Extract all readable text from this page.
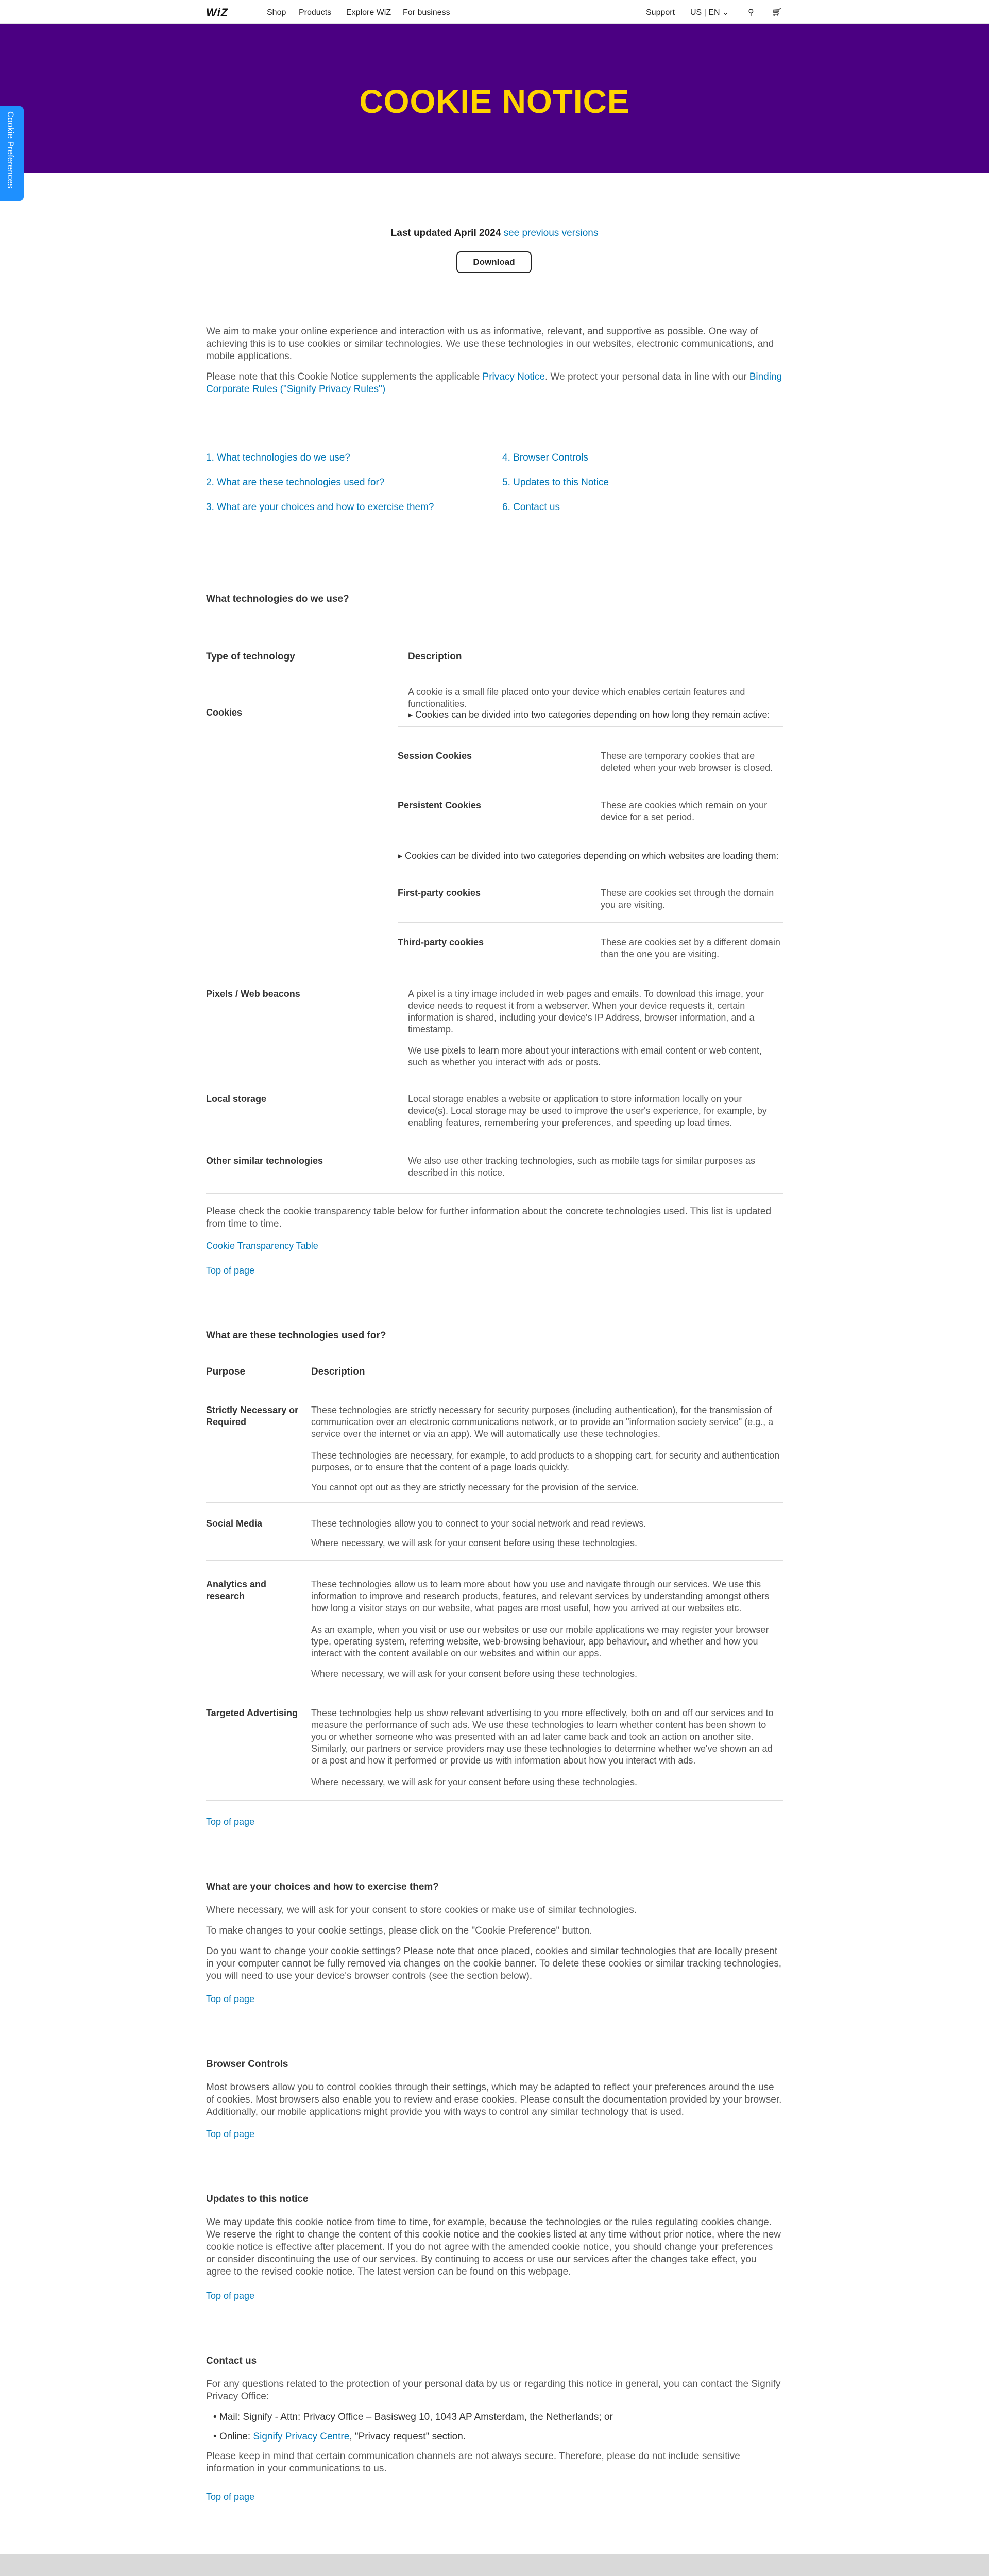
WiZ	Shop Products Explore WiZ For business	Support US | EN ⌄ ⚲ 🛒︎
COOKIE NOTICE
Cookie Preferences
Last updated April 2024 see previous versions
Download
We aim to make your online experience and interaction with us as informative, relevant, and supportive as possible. One way of achieving this is to use cookies or similar technologies. We use these technologies in our websites, electronic communications, and mobile applications.
Please note that this Cookie Notice supplements the applicable Privacy Notice. We protect your personal data in line with our Binding Corporate Rules ("Signify Privacy Rules")
1. What technologies do we use?
2. What are these technologies used for?
3. What are your choices and how to exercise them?
4. Browser Controls
5. Updates to this Notice
6. Contact us
What technologies do we use?
Type of technology	Description
Cookies
A cookie is a small file placed onto your device which enables certain features and functionalities.
▸ Cookies can be divided into two categories depending on how long they remain active:
Session Cookies	These are temporary cookies that are deleted when your web browser is closed.
Persistent Cookies	These are cookies which remain on your device for a set period.
▸ Cookies can be divided into two categories depending on which websites are loading them:
First-party cookies	These are cookies set through the domain you are visiting.
Third-party cookies	These are cookies set by a different domain than the one you are visiting.
Pixels / Web beacons	A pixel is a tiny image included in web pages and emails. To download this image, your device needs to request it from a webserver. When your device requests it, certain information is shared, including your device's IP Address, browser information, and a timestamp.
We use pixels to learn more about your interactions with email content or web content, such as whether you interact with ads or posts.
Local storage	Local storage enables a website or application to store information locally on your device(s). Local storage may be used to improve the user's experience, for example, by enabling features, remembering your preferences, and speeding up load times.
Other similar technologies	We also use other tracking technologies, such as mobile tags for similar purposes as described in this notice.
Please check the cookie transparency table below for further information about the concrete technologies used. This list is updated from time to time.
Cookie Transparency Table
Top of page
What are these technologies used for?
Purpose	Description
Strictly Necessary or Required
These technologies are strictly necessary for security purposes (including authentication), for the transmission of communication over an electronic communications network, or to provide an "information society service" (e.g., a service over the internet or via an app). We will automatically use these technologies.
These technologies are necessary, for example, to add products to a shopping cart, for security and authentication purposes, or to ensure that the content of a page loads quickly.
You cannot opt out as they are strictly necessary for the provision of the service.
Social Media	These technologies allow you to connect to your social network and read reviews.
Where necessary, we will ask for your consent before using these technologies.
Analytics and research
These technologies allow us to learn more about how you use and navigate through our services. We use this information to improve and research products, features, and relevant services by understanding amongst others how long a visitor stays on our website, what pages are most useful, how you arrived at our websites etc.
As an example, when you visit or use our websites or use our mobile applications we may register your browser type, operating system, referring website, web-browsing behaviour, app behaviour, and whether and how you interact with the content available on our websites and within our apps.
Where necessary, we will ask for your consent before using these technologies.
Targeted Advertising These technologies help us show relevant advertising to you more effectively, both on and off our services and to measure the performance of such ads. We use these technologies to learn whether content has been shown to you or whether someone who was presented with an ad later came back and took an action on another site. Similarly, our partners or service providers may use these technologies to determine whether we've shown an ad or a post and how it performed or provide us with information about how you interact with ads.
Where necessary, we will ask for your consent before using these technologies.
Top of page
What are your choices and how to exercise them?
Where necessary, we will ask for your consent to store cookies or make use of similar technologies.
To make changes to your cookie settings, please click on the "Cookie Preference" button.
Do you want to change your cookie settings? Please note that once placed, cookies and similar technologies that are locally present in your computer cannot be fully removed via changes on the cookie banner. To delete these cookies or similar tracking technologies, you will need to use your device's browser controls (see the section below).
Top of page
Browser Controls
Most browsers allow you to control cookies through their settings, which may be adapted to reflect your preferences around the use of cookies. Most browsers also enable you to review and erase cookies. Please consult the documentation provided by your browser. Additionally, our mobile applications might provide you with ways to control any similar technology that is used.
Top of page
Updates to this notice
We may update this cookie notice from time to time, for example, because the technologies or the rules regulating cookies change. We reserve the right to change the content of this cookie notice and the cookies listed at any time without prior notice, where the new cookie notice is effective after placement. If you do not agree with the amended cookie notice, you should change your preferences or consider discontinuing the use of our services. By continuing to access or use our services after the changes take effect, you agree to the revised cookie notice. The latest version can be found on this webpage.
Top of page
Contact us
For any questions related to the protection of your personal data by us or regarding this notice in general, you can contact the Signify Privacy Office:
• Mail: Signify - Attn: Privacy Office – Basisweg 10, 1043 AP Amsterdam, the Netherlands; or
• Online: Signify Privacy Centre, "Privacy request" section.
Please keep in mind that certain communication channels are not always secure. Therefore, please do not include sensitive information in your communications to us.
Top of page
